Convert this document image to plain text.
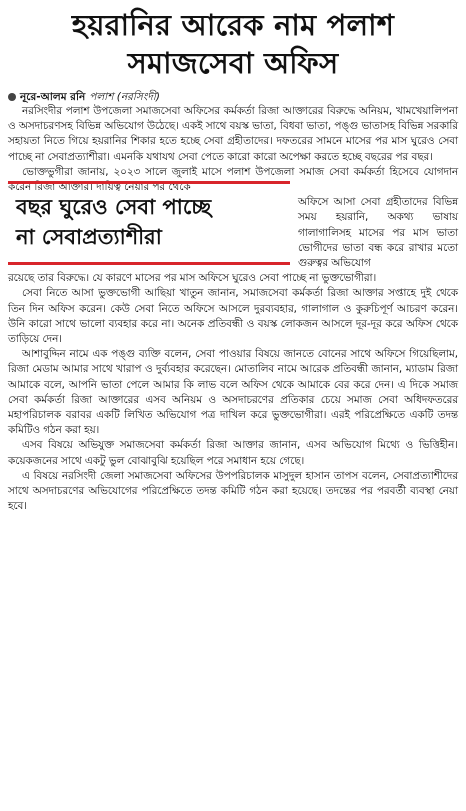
হয়রানির আরেক নাম পলাশ
সমাজসেবা অফিস
নূরে-আলম রনি পলাশ (নরসিংদী)

নরসিংদীর পলাশ উপজেলা সমাজসেবা অফিসের কর্মকর্তা রিজা আক্তারের বিরুদ্ধে অনিয়ম, খামখেয়ালিপনা ও অসদাচরণসহ বিভিন্ন অভিযোগ উঠেছে। একই সাথে বয়স্ক ভাতা, বিধবা ভাতা, পঙ্গু ভাতাসহ বিভিন্ন সরকারি সহায়তা নিতে গিয়ে হয়রানির শিকার হতে হচ্ছে সেবা গ্রহীতাদের। দফতরের সামনে মাসের পর মাস ঘুরেও সেবা পাচ্ছে না সেবাপ্রত্যাশীরা। এমনকি যথাযথ সেবা পেতে কারো কারো অপেক্ষা করতে হচ্ছে বছরের পর বছর।

ভোক্তভুগীরা জানায়, ২০২৩ সালে জুলাই মাসে পলাশ উপজেলা সমাজ সেবা কর্মকর্তা হিসেবে যোগদান করেন রিজা আক্তার। দায়িত্ব নেয়ার পর থেকে

বছর ঘুরেও সেবা পাচ্ছে
না সেবাপ্রত্যাশীরা

অফিসে আসা সেবা গ্রহীতাদের বিভিন্ন সময় হয়রানি, অকথ্য ভাষায় গালাগালিসহ মাসের পর মাস ভাতা ভোগীদের ভাতা বন্ধ করে রাখার মতো গুরুত্বর অভিযোগ

রয়েছে তার বিরুদ্ধে। যে কারণে মাসের পর মাস অফিসে ঘুরেও সেবা পাচ্ছে না ভুক্তভোগীরা।

সেবা নিতে আসা ভুক্তভোগী আছিয়া খাতুন জানান, সমাজসেবা কর্মকর্তা রিজা আক্তার সপ্তাহে দুই থেকে তিন দিন অফিস করেন। কেউ সেবা নিতে অফিসে আসলে দুরব্যবহার, গালাগাল ও কুরুচিপূর্ণ আচরণ করেন। উনি কারো সাথে ভালো ব্যবহার করে না। অনেক প্রতিবন্ধী ও বয়স্ক লোকজন আসলে দূর-দূর করে অফিস থেকে তাড়িয়ে দেন।

আশাবুদ্দিন নামে এক পঙ্গু ব্যক্তি বলেন, সেবা পাওয়ার বিষয়ে জানতে বোনের সাথে অফিসে গিয়েছিলাম, রিজা মেডাম আমার সাথে খারাপ ও দুর্ব্যবহার করেছেন। মোতালিব নামে আরেক প্রতিবন্ধী জানান, ম্যাডাম রিজা আমাকে বলে, আপনি ভাতা পেলে আমার কি লাভ বলে অফিস থেকে আমাকে বের করে দেন। এ দিকে সমাজ সেবা কর্মকর্তা রিজা আক্তারের এসব অনিয়ম ও অসদাচরণের প্রতিকার চেয়ে সমাজ সেবা অধিদফতরের মহাপরিচালক বরাবর একটি লিখিত অভিযোগ পত্র দাখিল করে ভুক্তভোগীরা। এরই পরিপ্রেক্ষিতে একটি তদন্ত কমিটিও গঠন করা হয়।

এসব বিষয়ে অভিযুক্ত সমাজসেবা কর্মকর্তা রিজা আক্তার জানান, এসব অভিযোগ মিথ্যে ও ভিত্তিহীন। কয়েকজনের সাথে একটু ভুল বোঝাবুঝি হয়েছিল পরে সমাধান হয়ে গেছে।

এ বিষয়ে নরসিংদী জেলা সমাজসেবা অফিসের উপপরিচালক মাসুদুল হাসান তাপস বলেন, সেবাপ্রত্যাশীদের সাথে অসদাচরণের অভিযোগের পরিপ্রেক্ষিতে তদন্ত কমিটি গঠন করা হয়েছে। তদন্তের পর পরবর্তী ব্যবস্থা নেয়া হবে।
